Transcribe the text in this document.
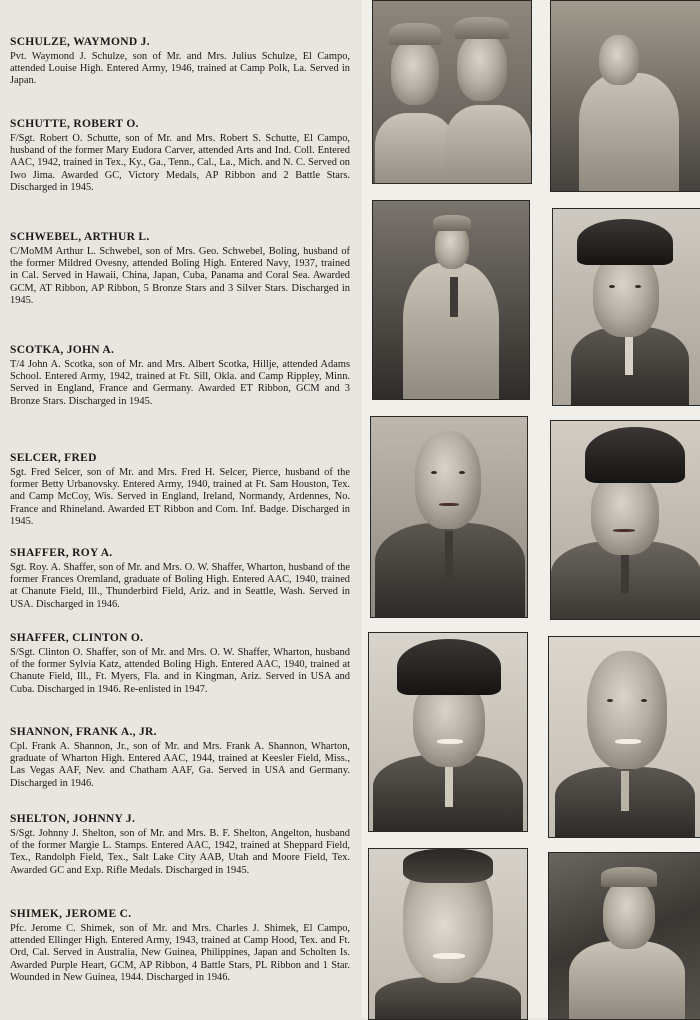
SCHULZE, WAYMOND J.

Pvt. Waymond J. Schulze, son of Mr. and Mrs. Julius Schulze, El Campo, attended Louise High. Entered Army, 1946, trained at Camp Polk, La. Served in Japan.

SCHUTTE, ROBERT O.

F/Sgt. Robert O. Schutte, son of Mr. and Mrs. Robert S. Schutte, El Campo, husband of the former Mary Eudora Carver, attended Arts and Ind. Coll. Entered AAC, 1942, trained in Tex., Ky., Ga., Tenn., Cal., La., Mich. and N. C. Served on Iwo Jima. Awarded GC, Victory Medals, AP Ribbon and 2 Battle Stars. Discharged in 1945.

SCHWEBEL, ARTHUR L.

C/MoMM Arthur L. Schwebel, son of Mrs. Geo. Schwebel, Boling, husband of the former Mildred Ovesny, attended Boling High. Entered Navy, 1937, trained in Cal. Served in Hawaii, China, Japan, Cuba, Panama and Coral Sea. Awarded GCM, AT Ribbon, AP Ribbon, 5 Bronze Stars and 3 Silver Stars. Discharged in 1945.

SCOTKA, JOHN A.

T/4 John A. Scotka, son of Mr. and Mrs. Albert Scotka, Hillje, attended Adams School. Entered Army, 1942, trained at Ft. Sill, Okla. and Camp Rippley, Minn. Served in England, France and Germany. Awarded ET Ribbon, GCM and 3 Bronze Stars. Discharged in 1945.

SELCER, FRED

Sgt. Fred Selcer, son of Mr. and Mrs. Fred H. Selcer, Pierce, husband of the former Betty Urbanovsky. Entered Army, 1940, trained at Ft. Sam Houston, Tex. and Camp McCoy, Wis. Served in England, Ireland, Normandy, Ardennes, No. France and Rhineland. Awarded ET Ribbon and Com. Inf. Badge. Discharged in 1945.

SHAFFER, ROY A.

Sgt. Roy. A. Shaffer, son of Mr. and Mrs. O. W. Shaffer, Wharton, husband of the former Frances Oremland, graduate of Boling High. Entered AAC, 1940, trained at Chanute Field, Ill., Thunderbird Field, Ariz. and in Seattle, Wash. Served in USA. Discharged in 1946.

SHAFFER, CLINTON O.

S/Sgt. Clinton O. Shaffer, son of Mr. and Mrs. O. W. Shaffer, Wharton, husband of the former Sylvia Katz, attended Boling High. Entered AAC, 1940, trained at Chanute Field, Ill., Ft. Myers, Fla. and in Kingman, Ariz. Served in USA and Cuba. Discharged in 1946. Re-enlisted in 1947.

SHANNON, FRANK A., JR.

Cpl. Frank A. Shannon, Jr., son of Mr. and Mrs. Frank A. Shannon, Wharton, graduate of Wharton High. Entered AAC, 1944, trained at Keesler Field, Miss., Las Vegas AAF, Nev. and Chatham AAF, Ga. Served in USA and Germany. Discharged in 1946.

SHELTON, JOHNNY J.

S/Sgt. Johnny J. Shelton, son of Mr. and Mrs. B. F. Shelton, Angelton, husband of the former Margie L. Stamps. Entered AAC, 1942, trained at Sheppard Field, Tex., Randolph Field, Tex., Salt Lake City AAB, Utah and Moore Field, Tex. Awarded GC and Exp. Rifle Medals. Discharged in 1945.

SHIMEK, JEROME C.

Pfc. Jerome C. Shimek, son of Mr. and Mrs. Charles J. Shimek, El Campo, attended Ellinger High. Entered Army, 1943, trained at Camp Hood, Tex. and Ft. Ord, Cal. Served in Australia, New Guinea, Philippines, Japan and Scholten Is. Awarded Purple Heart, GCM, AP Ribbon, 4 Battle Stars, PL Ribbon and 1 Star. Wounded in New Guinea, 1944. Discharged in 1946.
